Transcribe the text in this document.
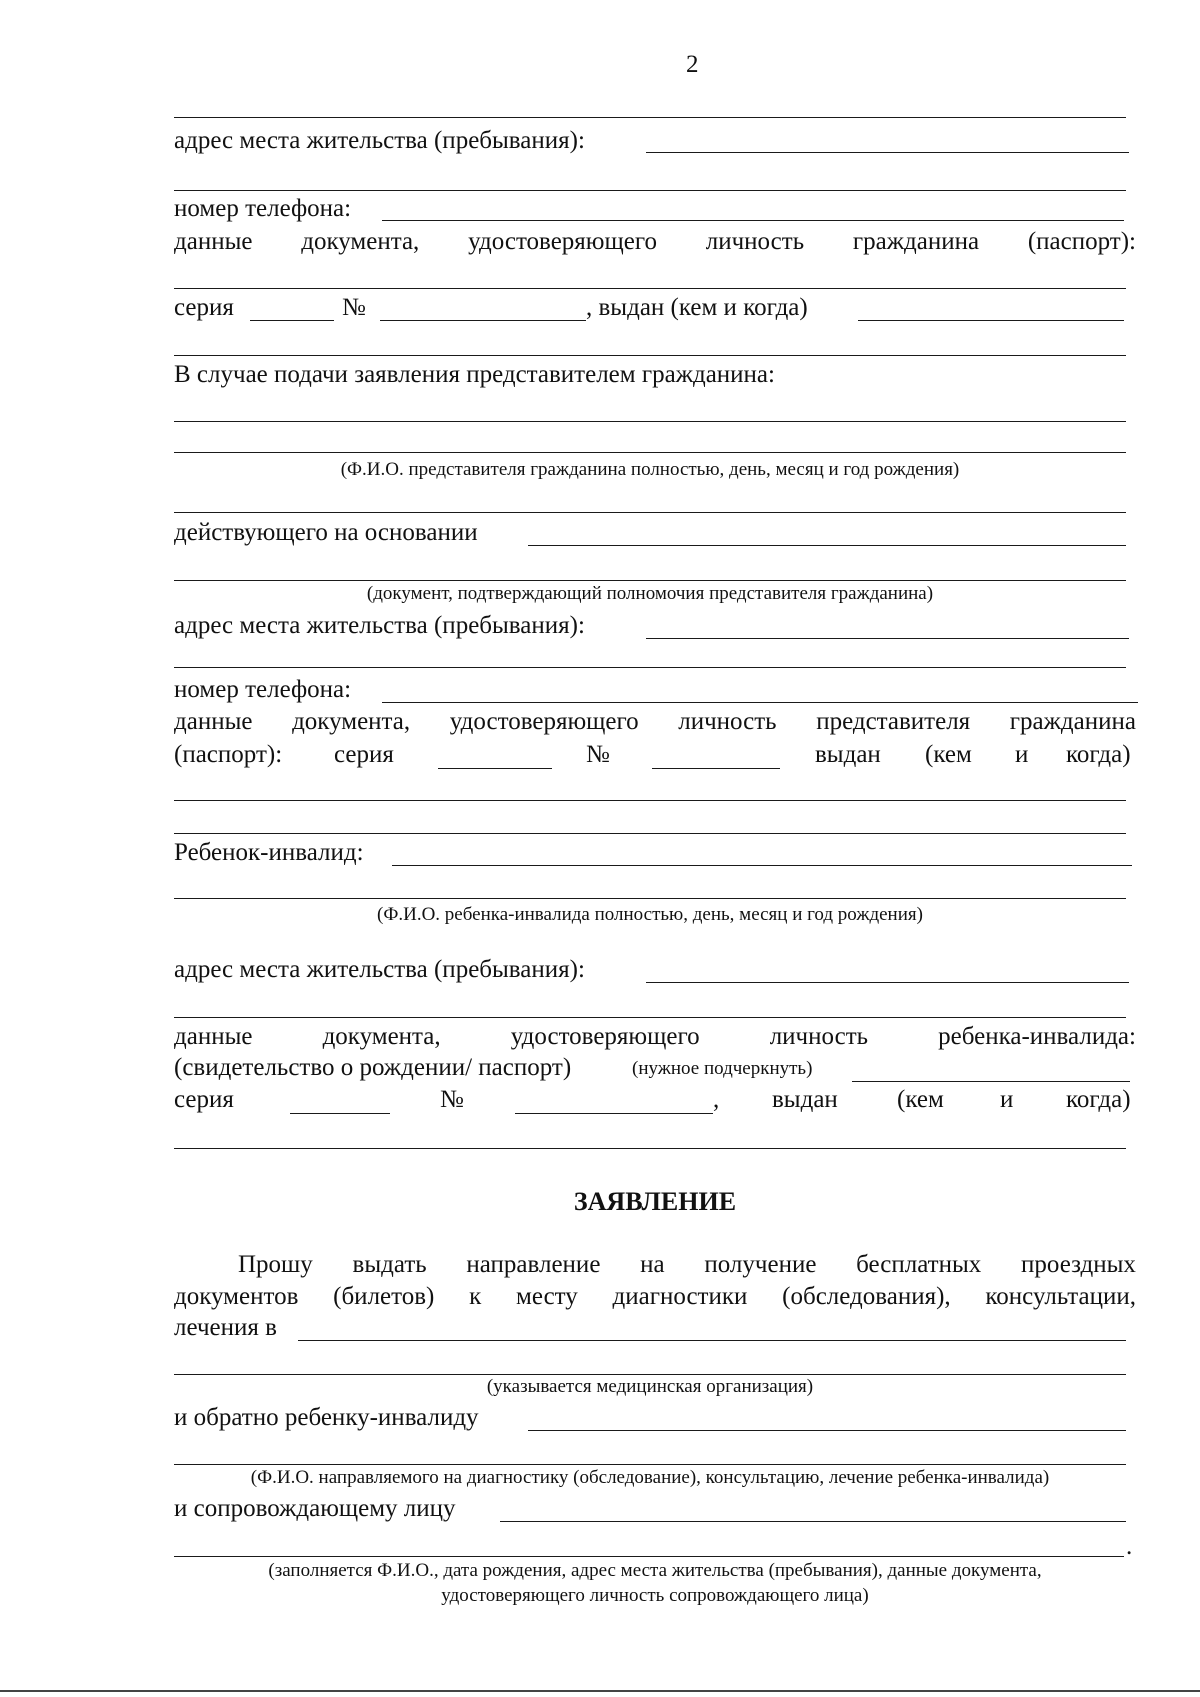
2
адрес места жительства (пребывания):
номер телефона:
данные документа, удостоверяющего личность гражданина (паспорт):
серия	№	, выдан (кем и когда)
В случае подачи заявления представителем гражданина:
(Ф.И.О. представителя гражданина полностью, день, месяц и год рождения)
действующего на основании
(документ, подтверждающий полномочия представителя гражданина)
адрес места жительства (пребывания):
номер телефона:
данные документа, удостоверяющего личность представителя гражданина
(паспорт): серия	№	выдан (кем и когда)
Ребенок-инвалид:
(Ф.И.О. ребенка-инвалида полностью, день, месяц и год рождения)
адрес места жительства (пребывания):
данные	документа,	удостоверяющего	личность	ребенка-инвалида:
(свидетельство о рождении/ паспорт)	(нужное подчеркнуть)
серия	№	, выдан (кем и когда)
ЗАЯВЛЕНИЕ
Прошу выдать направление на получение бесплатных проездных
документов (билетов) к месту диагностики (обследования), консультации,
лечения в
(указывается медицинская организация)
и обратно ребенку-инвалиду
(Ф.И.О. направляемого на диагностику (обследование), консультацию, лечение ребенка-инвалида)
и сопровождающему лицу
.
(заполняется Ф.И.О., дата рождения, адрес места жительства (пребывания), данные документа,
удостоверяющего личность сопровождающего лица)
